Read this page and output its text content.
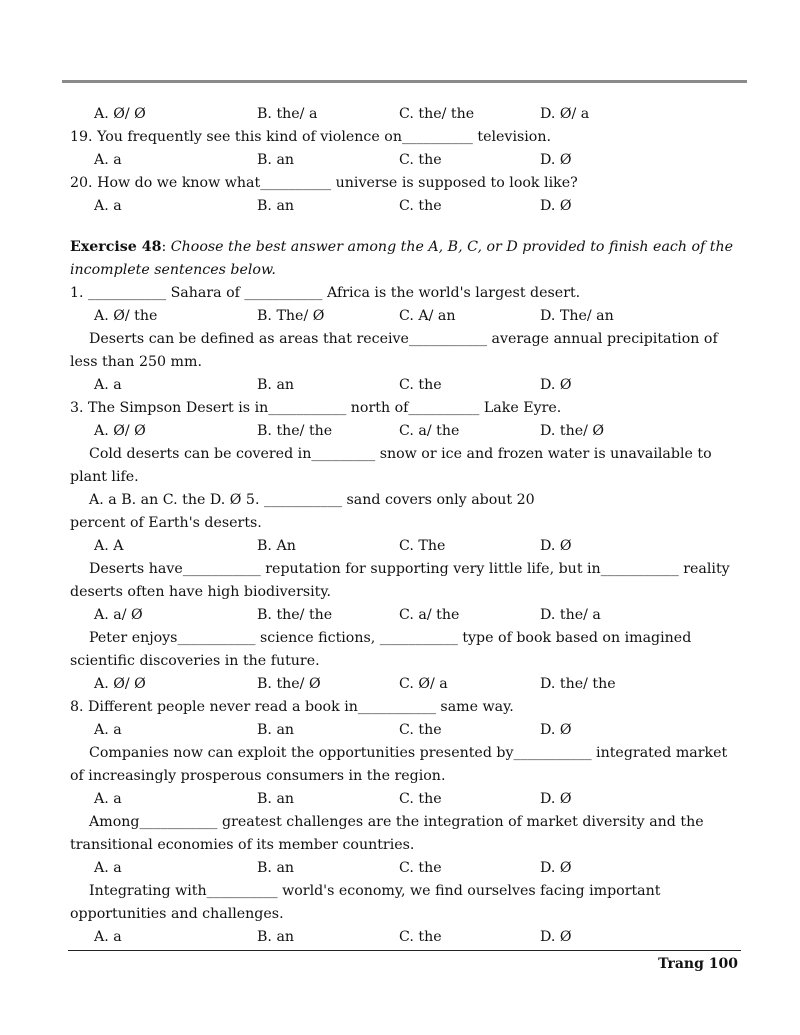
A. Ø/ Ø	B. the/ a	C. the/ the	D. Ø/ a
19. You frequently see this kind of violence on__________ television.
A. a	B. an	C. the	D. Ø
20. How do we know what__________ universe is supposed to look like?
A. a	B. an	C. the	D. Ø
Exercise 48: Choose the best answer among the A, B, C, or D provided to finish each of the
incomplete sentences below.
1. ___________ Sahara of ___________ Africa is the world's largest desert.
A. Ø/ the	B. The/ Ø	C. A/ an	D. The/ an
Deserts can be defined as areas that receive___________ average annual precipitation of
less than 250 mm.
A. a	B. an	C. the	D. Ø
3. The Simpson Desert is in___________ north of__________ Lake Eyre.
A. Ø/ Ø	B. the/ the	C. a/ the	D. the/ Ø
Cold deserts can be covered in_________ snow or ice and frozen water is unavailable to
plant life.
A. a B. an C. the D. Ø 5. ___________ sand covers only about 20
percent of Earth's deserts.
A. A	B. An	C. The	D. Ø
Deserts have___________ reputation for supporting very little life, but in___________ reality
deserts often have high biodiversity.
A. a/ Ø	B. the/ the	C. a/ the	D. the/ a
Peter enjoys___________ science fictions, ___________ type of book based on imagined
scientific discoveries in the future.
A. Ø/ Ø	B. the/ Ø	C. Ø/ a	D. the/ the
8. Different people never read a book in___________ same way.
A. a	B. an	C. the	D. Ø
Companies now can exploit the opportunities presented by___________ integrated market
of increasingly prosperous consumers in the region.
A. a	B. an	C. the	D. Ø
Among___________ greatest challenges are the integration of market diversity and the
transitional economies of its member countries.
A. a	B. an	C. the	D. Ø
Integrating with__________ world's economy, we find ourselves facing important
opportunities and challenges.
A. a	B. an	C. the	D. Ø
Trang 100
